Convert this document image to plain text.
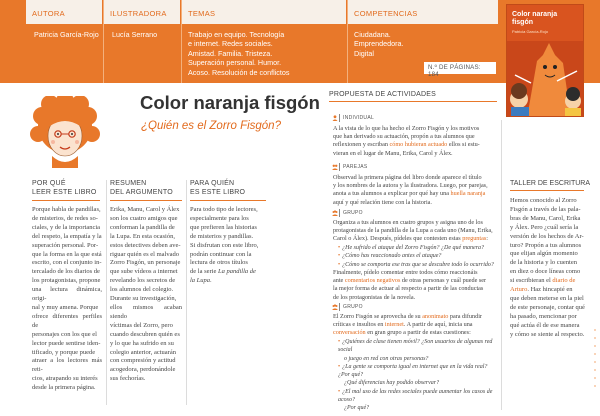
AUTORA
Patricia García-Rojo
ILUSTRADORA
Lucía Serrano
TEMAS
Trabajo en equipo. Tecnología
e internet. Redes sociales.
Amistad. Familia. Tristeza.
Superación personal. Humor.
Acoso. Resolución de conflictos
COMPETENCIAS
Ciudadana.
Emprendedora.
Digital
N.º DE PÁGINAS: 184
Color naranja
fisgón
Patricia García-Rojo
Color naranja fisgón
¿Quién es el Zorro Fisgón?
POR QUÉ
LEER ESTE LIBRO
Porque habla de pandillas,
de misterios, de redes so-
ciales, y de la importancia
del respeto, la empatía y la
superación personal. Por-
que la forma en la que está
escrito, con el conjunto in-
tercalado de los diarios de
los protagonistas, propone
una lectura dinámica, origi-
nal y muy amena. Porque
ofrece diferentes perfiles de
personajes con los que el
lector puede sentirse iden-
tificado, y porque puede
atraer a los lectores más reti-
cios, atrapando su interés
desde la primera página.
RESUMEN
DEL ARGUMENTO
Erika, Manu, Carol y Álex
son los cuatro amigos que
conforman la pandilla de
la Lupa. En esta ocasión,
estos detectives deben ave-
riguar quién es el malvado
Zorro Fisgón, un personaje
que sube vídeos a internet
revelando los secretos de
los alumnos del colegio.
Durante su investigación,
ellos mismos acaban siendo
víctimas del Zorro, pero
cuando descubren quién es
y lo que ha sufrido en su
colegio anterior, actuarán
con compresión y actitud
acogedora, perdonándole
sus fechorías.
PARA QUIÉN
ES ESTE LIBRO
Para todo tipo de lectores,
especialmente para los
que prefieren las historias
de misterios y pandillas.
Si disfrutan con este libro,
podrán continuar con la
lectura de otros títulos
de la serie La pandilla de
la Lupa.
PROPUESTA DE ACTIVIDADES
INDIVIDUAL
A la vista de lo que ha hecho el Zorro Fisgón y los motivos
que han derivado su actuación, propón a tus alumnos que
reflexionen y escriban cómo hubieran actuado ellos si estu-
vieran en el lugar de Manu, Erika, Carol y Álex.
PAREJAS
Observad la primera página del libro donde aparece el título
y los nombres de la autora y la ilustradora. Luego, por parejas,
anota a tus alumnos a explicar por qué hay una huella naranja
aquí y qué relación tiene con la historia.
GRUPO
Organiza a tus alumnos en cuatro grupos y asigna uno de los
protagonistas de la pandilla de la Lupa a cada uno (Manu, Erika,
Carol o Álex). Después, pídeles que contesten estas preguntas:
• ¿He sufrido el ataque del Zorro Fisgón? ¿De qué manera?
• ¿Cómo has reaccionado antes el ataque?
• ¿Cómo se comporta ese tras que se descubre todo lo ocurrido?
Finalmente, pídelo comentar entre todos cómo reaccionáis
ante comentarios negativos de otras personas y cuál puede ser
la mejor forma de actuar al respecto a partir de las conductas
de los protagonistas de la novela.
GRUPO
El Zorro Fisgón se aprovecha de su anonimato para difundir
críticas e insultos en internet. A partir de aquí, inicia una
conversación en gran grupo a partir de estas cuestiones:
• ¿Quiénes de clase tienen móvil? ¿Son usuarios de algunas red social
o juego en red con otras personas?
• ¿La gente se comporta igual en internet que en la vida real? ¿Por qué?
¿Qué diferencias hay podido observar?
• ¿El mal uso de las redes sociales puede aumentar los casos de acoso?
¿Por qué?
TALLER DE ESCRITURA
Hemos conocido al Zorro
Fisgón a través de las pala-
bras de Manu, Carol, Erika
y Álex. Pero ¿cuál sería la
versión de los hechos de Ar-
turo? Propón a tus alumnos
que elijan algún momento
de la historia y lo cuenten
en diez o doce líneas como
si escribieran el diario de
Arturo. Haz hincapié en
que deben meterse en la piel
de este personaje, contar qué
ha pasado, mencionar por
qué actúa él de ese manera
y cómo se siente al respecto.
